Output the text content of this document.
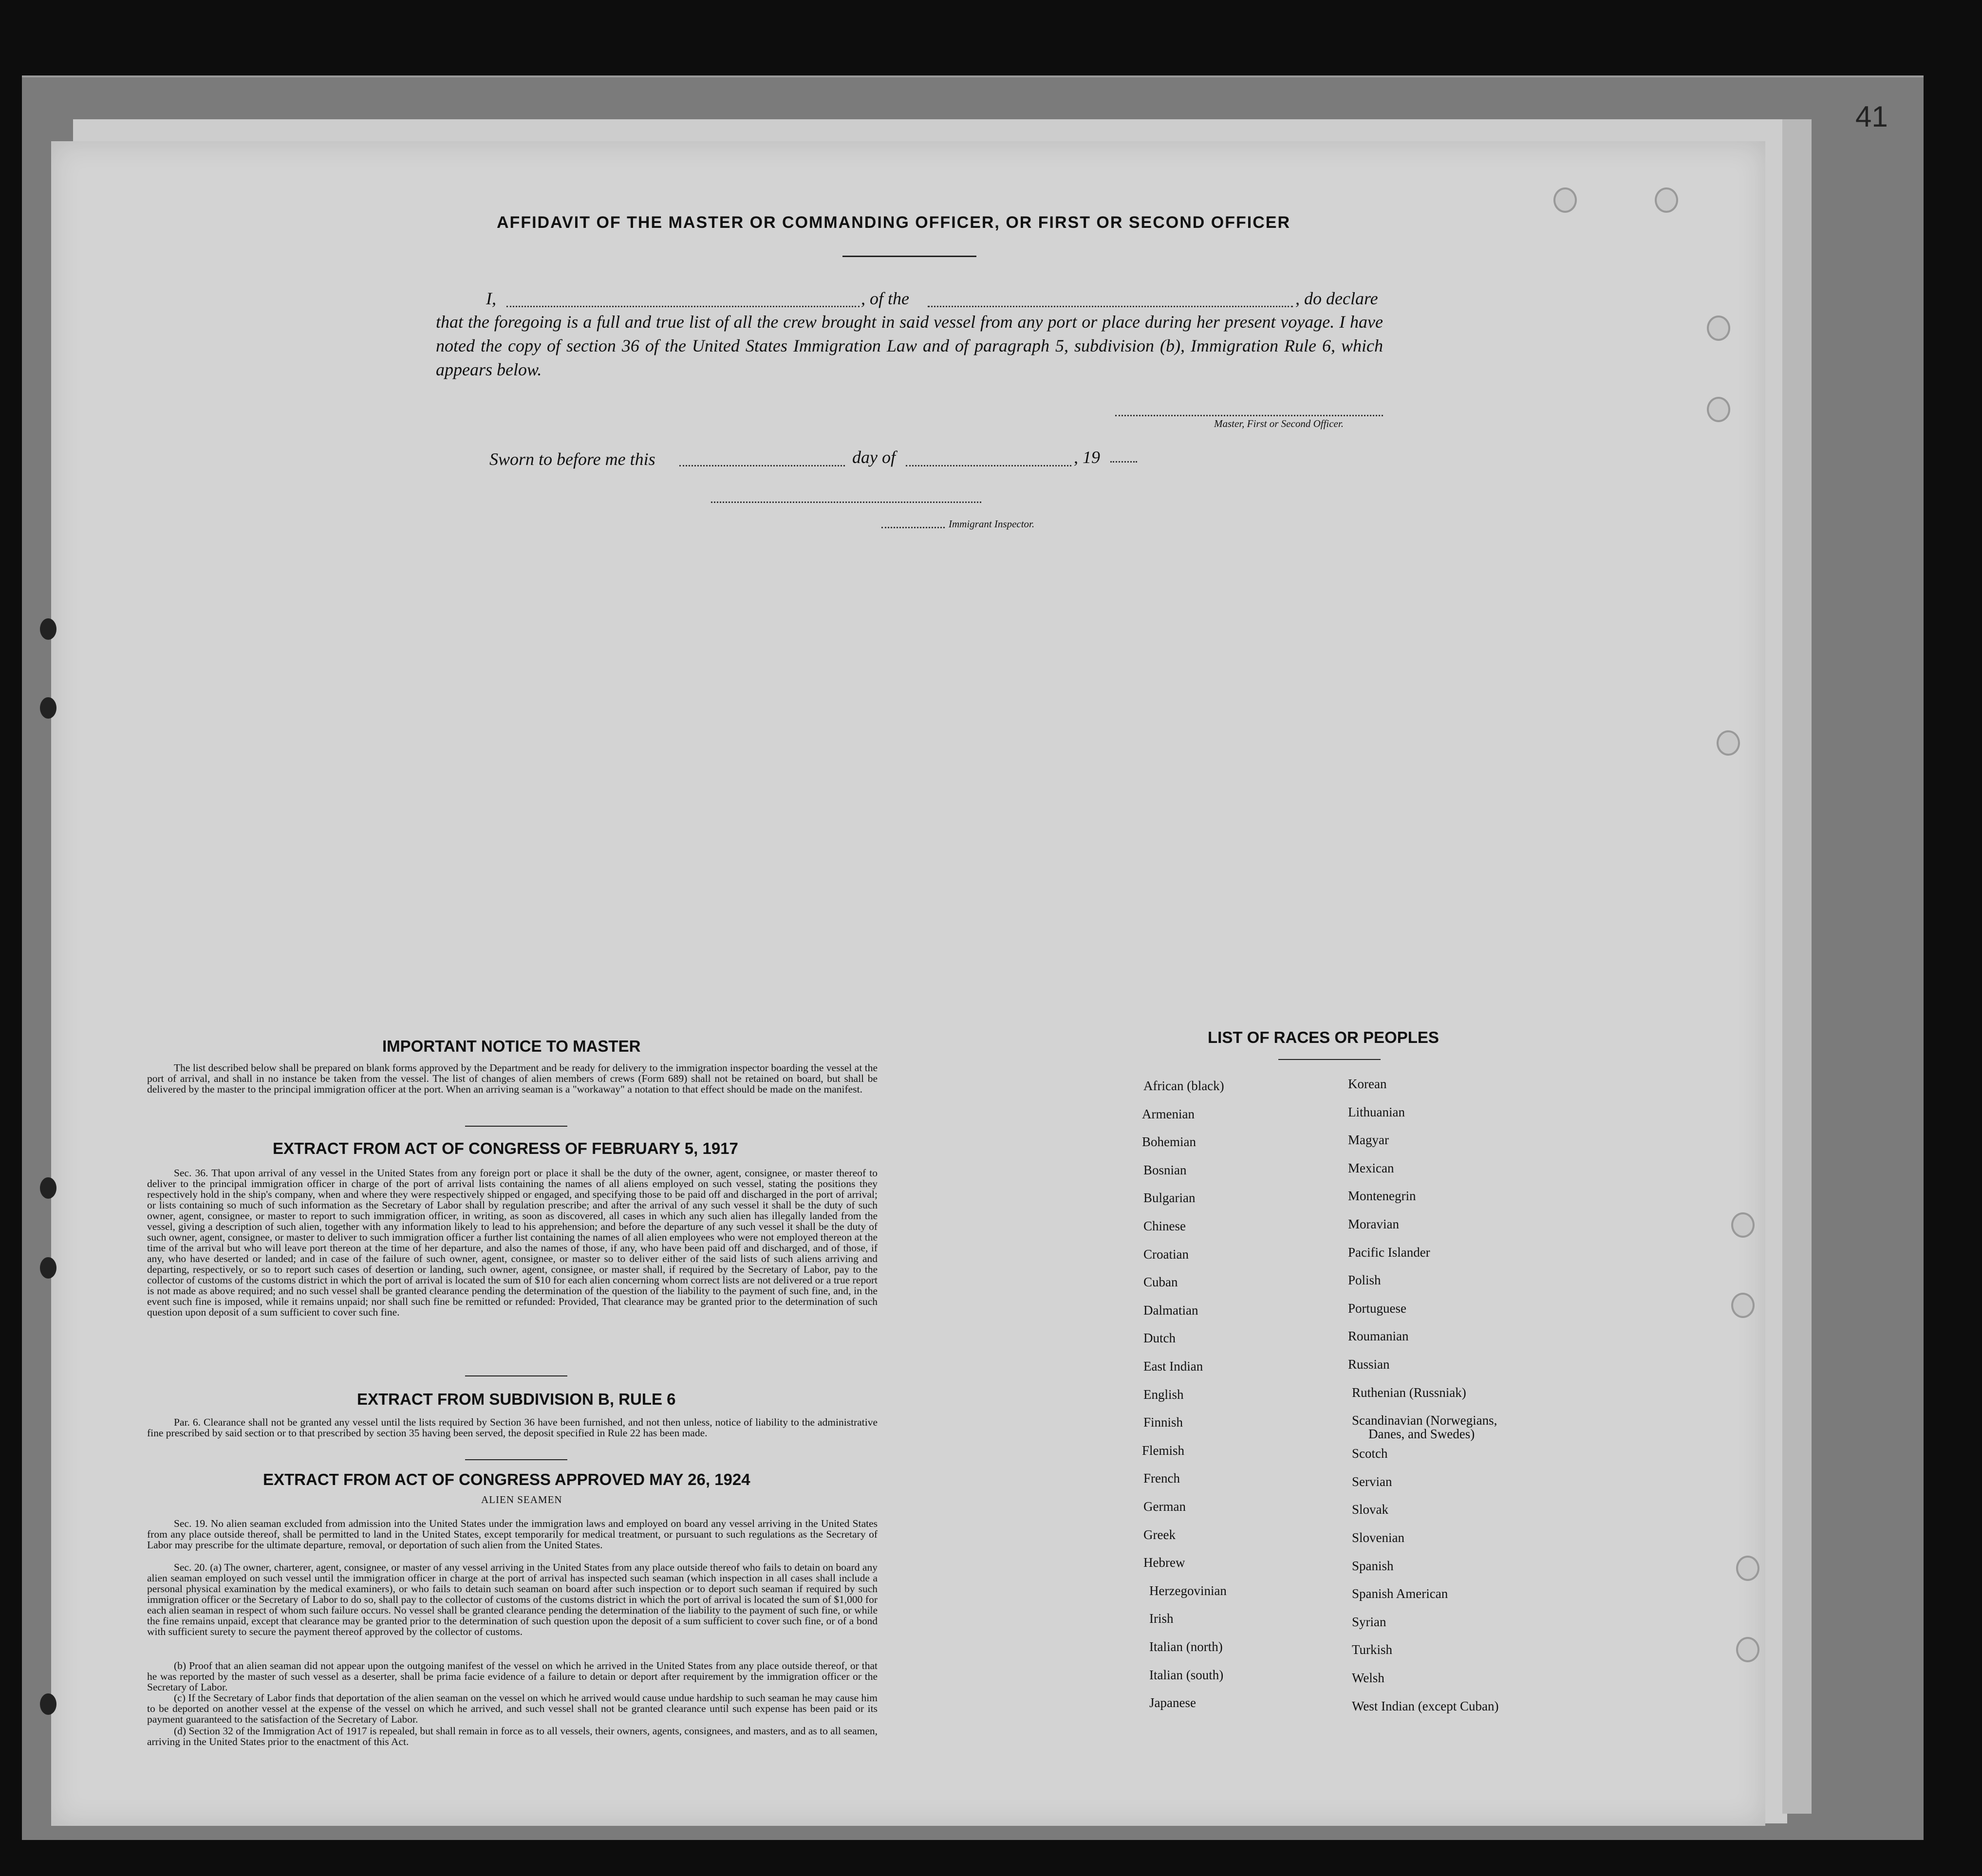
41
AFFIDAVIT OF THE MASTER OR COMMANDING OFFICER, OR FIRST OR SECOND OFFICER
I,	, of the	, do declare
that the foregoing is a full and true list of all the crew brought in said vessel from any port or place during her present voyage. I have noted the copy of section 36 of the United States Immigration Law and of paragraph 5, subdivision (b), Immigration Rule 6, which appears below.
Master, First or Second Officer.
Sworn to before me this	day of	, 19
Immigrant Inspector.
IMPORTANT NOTICE TO MASTER
The list described below shall be prepared on blank forms approved by the Department and be ready for delivery to the immigration inspector boarding the vessel at the port of arrival, and shall in no instance be taken from the vessel. The list of changes of alien members of crews (Form 689) shall not be retained on board, but shall be delivered by the master to the principal immigration officer at the port. When an arriving seaman is a "workaway" a notation to that effect should be made on the manifest.
EXTRACT FROM ACT OF CONGRESS OF FEBRUARY 5, 1917
Sec. 36. That upon arrival of any vessel in the United States from any foreign port or place it shall be the duty of the owner, agent, consignee, or master thereof to deliver to the principal immigration officer in charge of the port of arrival lists containing the names of all aliens employed on such vessel, stating the positions they respectively hold in the ship's company, when and where they were respectively shipped or engaged, and specifying those to be paid off and discharged in the port of arrival; or lists containing so much of such information as the Secretary of Labor shall by regulation prescribe; and after the arrival of any such vessel it shall be the duty of such owner, agent, consignee, or master to report to such immigration officer, in writing, as soon as discovered, all cases in which any such alien has illegally landed from the vessel, giving a description of such alien, together with any information likely to lead to his apprehension; and before the departure of any such vessel it shall be the duty of such owner, agent, consignee, or master to deliver to such immigration officer a further list containing the names of all alien employees who were not employed thereon at the time of the arrival but who will leave port thereon at the time of her departure, and also the names of those, if any, who have been paid off and discharged, and of those, if any, who have deserted or landed; and in case of the failure of such owner, agent, consignee, or master so to deliver either of the said lists of such aliens arriving and departing, respectively, or so to report such cases of desertion or landing, such owner, agent, consignee, or master shall, if required by the Secretary of Labor, pay to the collector of customs of the customs district in which the port of arrival is located the sum of $10 for each alien concerning whom correct lists are not delivered or a true report is not made as above required; and no such vessel shall be granted clearance pending the determination of the question of the liability to the payment of such fine, and, in the event such fine is imposed, while it remains unpaid; nor shall such fine be remitted or refunded: Provided, That clearance may be granted prior to the determination of such question upon deposit of a sum sufficient to cover such fine.
EXTRACT FROM SUBDIVISION B, RULE 6
Par. 6. Clearance shall not be granted any vessel until the lists required by Section 36 have been furnished, and not then unless, notice of liability to the administrative fine prescribed by said section or to that prescribed by section 35 having been served, the deposit specified in Rule 22 has been made.
EXTRACT FROM ACT OF CONGRESS APPROVED MAY 26, 1924
ALIEN SEAMEN
Sec. 19. No alien seaman excluded from admission into the United States under the immigration laws and employed on board any vessel arriving in the United States from any place outside thereof, shall be permitted to land in the United States, except temporarily for medical treatment, or pursuant to such regulations as the Secretary of Labor may prescribe for the ultimate departure, removal, or deportation of such alien from the United States.
Sec. 20. (a) The owner, charterer, agent, consignee, or master of any vessel arriving in the United States from any place outside thereof who fails to detain on board any alien seaman employed on such vessel until the immigration officer in charge at the port of arrival has inspected such seaman (which inspection in all cases shall include a personal physical examination by the medical examiners), or who fails to detain such seaman on board after such inspection or to deport such seaman if required by such immigration officer or the Secretary of Labor to do so, shall pay to the collector of customs of the customs district in which the port of arrival is located the sum of $1,000 for each alien seaman in respect of whom such failure occurs. No vessel shall be granted clearance pending the determination of the liability to the payment of such fine, or while the fine remains unpaid, except that clearance may be granted prior to the determination of such question upon the deposit of a sum sufficient to cover such fine, or of a bond with sufficient surety to secure the payment thereof approved by the collector of customs.
(b) Proof that an alien seaman did not appear upon the outgoing manifest of the vessel on which he arrived in the United States from any place outside thereof, or that he was reported by the master of such vessel as a deserter, shall be prima facie evidence of a failure to detain or deport after requirement by the immigration officer or the Secretary of Labor.
(c) If the Secretary of Labor finds that deportation of the alien seaman on the vessel on which he arrived would cause undue hardship to such seaman he may cause him to be deported on another vessel at the expense of the vessel on which he arrived, and such vessel shall not be granted clearance until such expense has been paid or its payment guaranteed to the satisfaction of the Secretary of Labor.
(d) Section 32 of the Immigration Act of 1917 is repealed, but shall remain in force as to all vessels, their owners, agents, consignees, and masters, and as to all seamen, arriving in the United States prior to the enactment of this Act.
LIST OF RACES OR PEOPLES
African (black)
Armenian
Bohemian
Bosnian
Bulgarian
Chinese
Croatian
Cuban
Dalmatian
Dutch
East Indian
English
Finnish
Flemish
French
German
Greek
Hebrew
Herzegovinian
Irish
Italian (north)
Italian (south)
Japanese
Korean
Lithuanian
Magyar
Mexican
Montenegrin
Moravian
Pacific Islander
Polish
Portuguese
Roumanian
Russian
Ruthenian (Russniak)
Scandinavian (Norwegians,
Danes, and Swedes)
Scotch
Servian
Slovak
Slovenian
Spanish
Spanish American
Syrian
Turkish
Welsh
West Indian (except Cuban)
